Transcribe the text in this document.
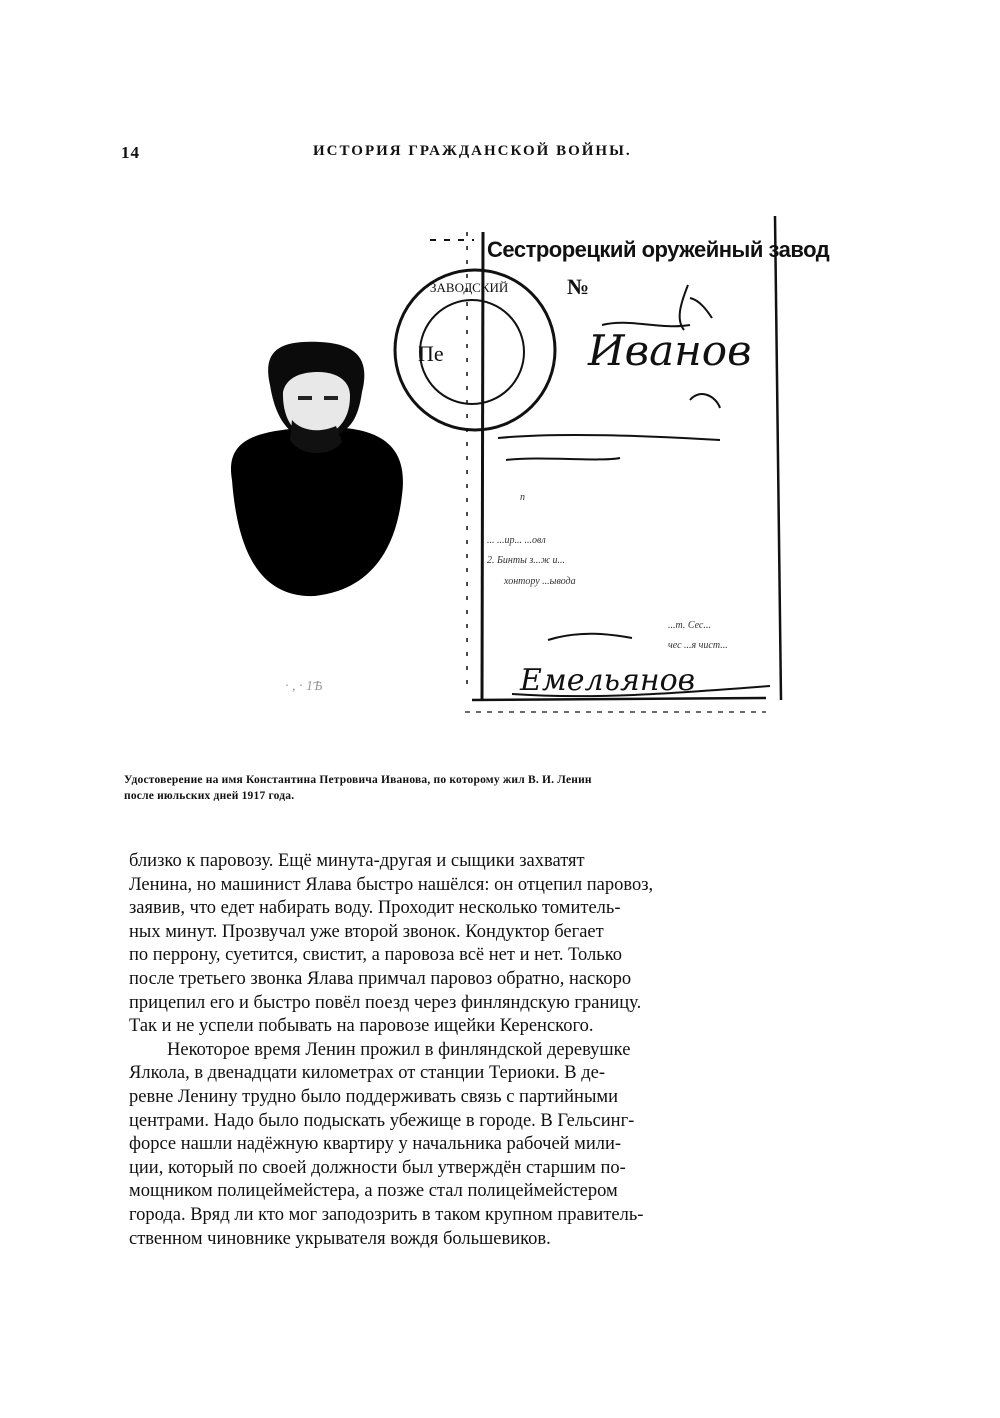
14	ИСТОРИЯ ГРАЖДАНСКОЙ ВОЙНЫ.
Пе
ЗАВОДСКИЙ
Сестрорецкий оружейный завод
№
Иванов
2. Бинты з...ж и...
хонтору ...ывода
... ...ир... ...овл
п
...т. Сес...
чес ...я чист...
Емельянов
· , · 1Ѣ
Удостоверение на имя Константина Петровича Иванова, по которому жил В. И. Ленин
после июльских дней 1917 года.
близко к паровозу. Ещё минута-другая и сыщики захватят
Ленина, но машинист Ялава быстро нашёлся: он отцепил паровоз,
заявив, что едет набирать воду. Проходит несколько томитель-
ных минут. Прозвучал уже второй звонок. Кондуктор бегает
по перрону, суетится, свистит, а паровоза всё нет и нет. Только
после третьего звонка Ялава примчал паровоз обратно, наскоро
прицепил его и быстро повёл поезд через финляндскую границу.
Так и не успели побывать на паровозе ищейки Керенского.
Некоторое время Ленин прожил в финляндской деревушке
Ялкола, в двенадцати километрах от станции Териоки. В де-
ревне Ленину трудно было поддерживать связь с партийными
центрами. Надо было подыскать убежище в городе. В Гельсинг-
форсе нашли надёжную квартиру у начальника рабочей мили-
ции, который по своей должности был утверждён старшим по-
мощником полицеймейстера, а позже стал полицеймейстером
города. Вряд ли кто мог заподозрить в таком крупном правитель-
ственном чиновнике укрывателя вождя большевиков.
